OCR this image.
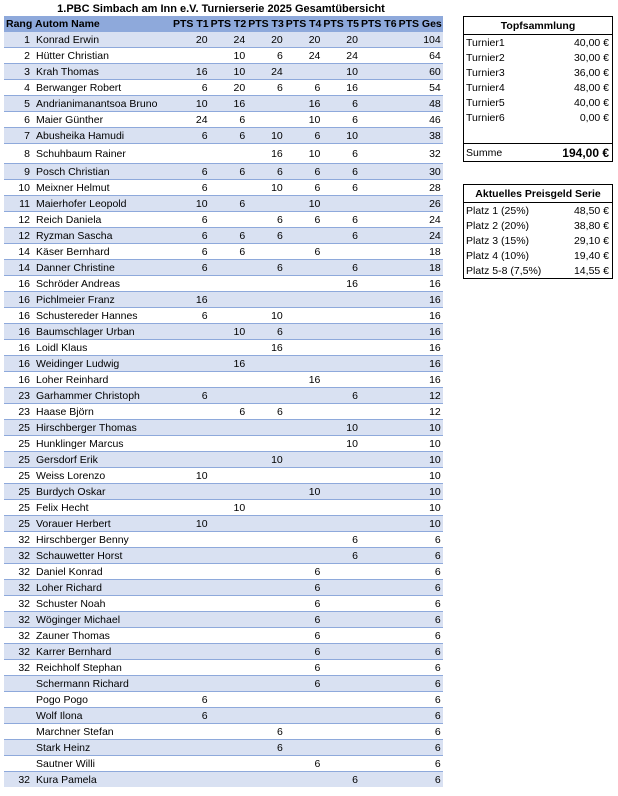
1.PBC Simbach am Inn e.V. Turnierserie 2025 Gesamtübersicht
Rang	Autom Name	PTS T1	PTS T2	PTS T3	PTS T4	PTS T5	PTS T6	PTS Ges
1	Konrad Erwin	20	24	20	20	20		104
2	Hütter Christian		10	6	24	24		64
3	Krah Thomas	16	10	24		10		60
4	Berwanger Robert	6	20	6	6	16		54
5	Andrianimanantsoa Bruno	10	16		16	6		48
6	Maier Günther	24	6		10	6		46
7	Abusheika Hamudi	6	6	10	6	10		38
8	Schuhbaum Rainer			16	10	6		32
9	Posch Christian	6	6	6	6	6		30
10	Meixner Helmut	6		10	6	6		28
11	Maierhofer Leopold	10	6		10			26
12	Reich Daniela	6		6	6	6		24
12	Ryzman Sascha	6	6	6		6		24
14	Käser Bernhard	6	6		6			18
14	Danner Christine	6		6		6		18
16	Schröder Andreas					16		16
16	Pichlmeier Franz	16						16
16	Schustereder Hannes	6		10				16
16	Baumschlager Urban		10	6				16
16	Loidl Klaus			16				16
16	Weidinger Ludwig		16					16
16	Loher Reinhard				16			16
23	Garhammer Christoph	6				6		12
23	Haase Björn		6	6				12
25	Hirschberger Thomas					10		10
25	Hunklinger Marcus					10		10
25	Gersdorf Erik			10				10
25	Weiss Lorenzo	10						10
25	Burdych Oskar				10			10
25	Felix Hecht		10					10
25	Vorauer Herbert	10						10
32	Hirschberger Benny					6		6
32	Schauwetter Horst					6		6
32	Daniel Konrad				6			6
32	Loher Richard				6			6
32	Schuster Noah				6			6
32	Wöginger Michael				6			6
32	Zauner Thomas				6			6
32	Karrer Bernhard				6			6
32	Reichholf Stephan				6			6
	Schermann Richard				6			6
	Pogo Pogo	6						6
	Wolf Ilona	6						6
	Marchner Stefan			6				6
	Stark Heinz			6				6
	Sautner Willi				6			6
32	Kura Pamela					6		6
Topfsammlung	
Turnier1	40,00 €
Turnier2	30,00 €
Turnier3	36,00 €
Turnier4	48,00 €
Turnier5	40,00 €
Turnier6	0,00 €

Summe	194,00 €
Aktuelles Preisgeld Serie	
Platz 1 (25%)	48,50 €
Platz 2 (20%)	38,80 €
Platz 3 (15%)	29,10 €
Platz 4 (10%)	19,40 €
Platz 5-8 (7,5%)	14,55 €
